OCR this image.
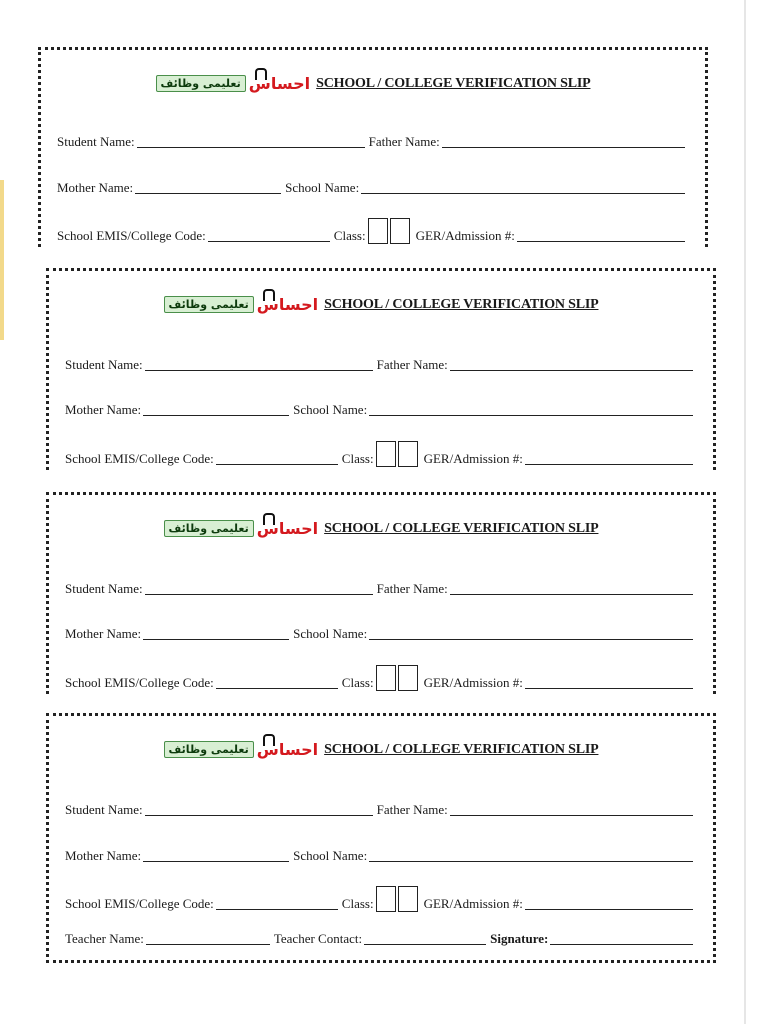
تعلیمی وظائف احساس SCHOOL / COLLEGE VERIFICATION SLIP
Student Name:	Father Name:
Mother Name:	School Name:
School EMIS/College Code:	Class:	GER/Admission #:
تعلیمی وظائف احساس SCHOOL / COLLEGE VERIFICATION SLIP
Student Name:	Father Name:
Mother Name:	School Name:
School EMIS/College Code:	Class:	GER/Admission #:
تعلیمی وظائف احساس SCHOOL / COLLEGE VERIFICATION SLIP
Student Name:	Father Name:
Mother Name:	School Name:
School EMIS/College Code:	Class:	GER/Admission #:
تعلیمی وظائف احساس SCHOOL / COLLEGE VERIFICATION SLIP
Student Name:	Father Name:
Mother Name:	School Name:
School EMIS/College Code:	Class:	GER/Admission #:
Teacher Name:	Teacher Contact:	Signature:
